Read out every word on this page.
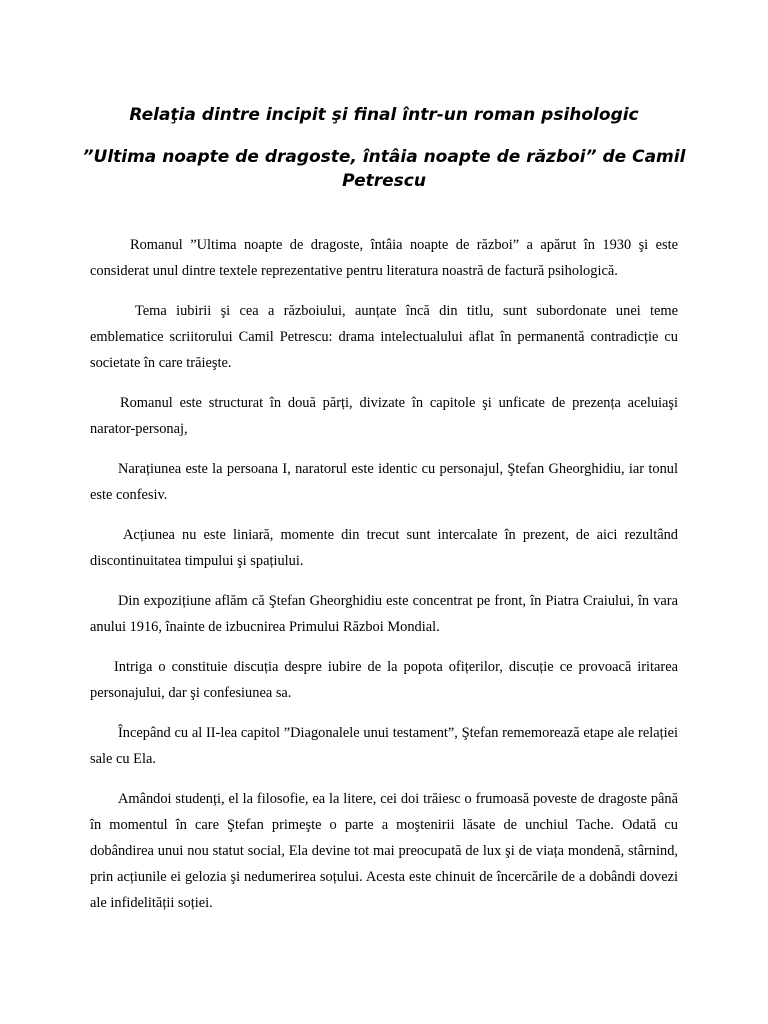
Relaţia dintre incipit şi final într-un roman psihologic
”Ultima noapte de dragoste, întâia noapte de război” de Camil Petrescu

Romanul ”Ultima noapte de dragoste, întâia noapte de război” a apărut în 1930 şi este considerat unul dintre textele reprezentative pentru literatura noastră de factură psihologică.

Tema iubirii şi cea a războiului, aunțate încă din titlu, sunt subordonate unei teme emblematice scriitorului Camil Petrescu: drama intelectualului aflat în permanentă contradicție cu societate în care trăieşte.

Romanul este structurat în două părți, divizate în capitole şi unficate de prezența aceluiaşi narator-personaj,

Narațiunea este la persoana I, naratorul este identic cu personajul, Ştefan Gheorghidiu, iar tonul este confesiv.

Acțiunea nu este liniară, momente din trecut sunt intercalate în prezent, de aici rezultând discontinuitatea timpului şi spațiului.

Din expozițiune aflăm că Ştefan Gheorghidiu este concentrat pe front, în Piatra Craiului, în vara anului 1916, înainte de izbucnirea Primului Război Mondial.

Intriga o constituie discuția despre iubire de la popota ofițerilor, discuție ce provoacă iritarea personajului, dar şi confesiunea sa.

Începând cu al II-lea capitol ”Diagonalele unui testament”, Ştefan rememorează etape ale relației sale cu Ela.

Amândoi studenți, el la filosofie, ea la litere, cei doi trăiesc o frumoasă poveste de dragoste până în momentul în care Ştefan primeşte o parte a moştenirii lăsate de unchiul Tache. Odată cu dobândirea unui nou statut social, Ela devine tot mai preocupată de lux şi de viața mondenă, stârnind, prin acțiunile ei gelozia şi nedumerirea soțului. Acesta este chinuit de încercările de a dobândi dovezi ale infidelității soției.
